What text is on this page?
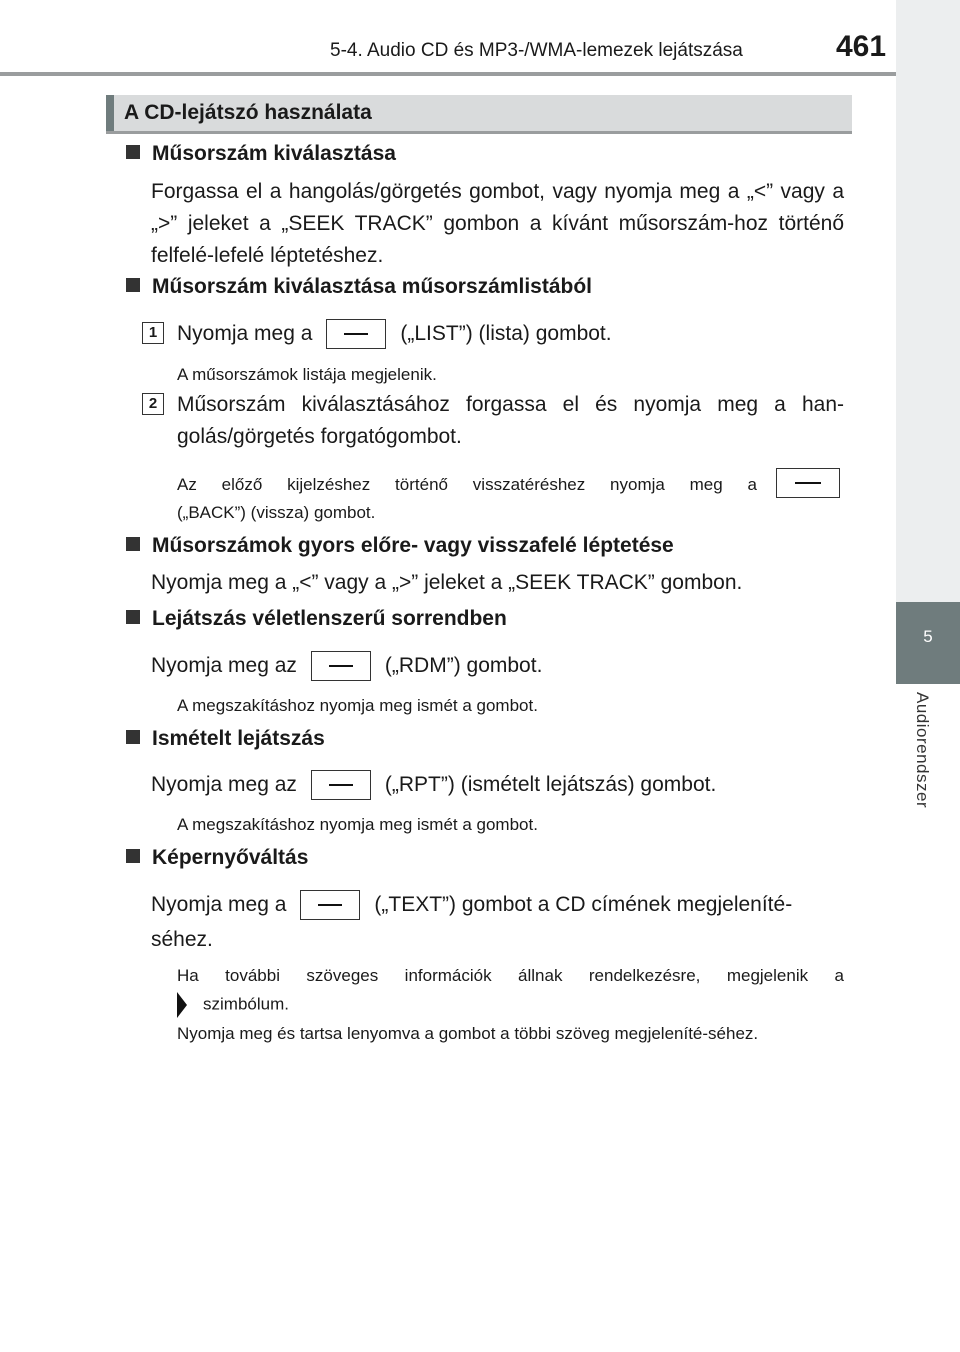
5-4. Audio CD és MP3-/WMA-lemezek lejátszása	461
5
Audiorendszer
A CD-lejátszó használata
Műsorszám kiválasztása
Forgassa el a hangolás/görgetés gombot, vagy nyomja meg a „<” vagy a „>” jeleket a „SEEK TRACK” gombon a kívánt műsorszám-hoz történő felfelé-lefelé léptetéshez.
Műsorszám kiválasztása műsorszámlistából
1 Nyomja meg a	(„LIST”) (lista) gombot.
A műsorszámok listája megjelenik.
2 Műsorszám kiválasztásához forgassa el és nyomja meg a han-golás/görgetés forgatógombot.
Az előző kijelzéshez történő visszatéréshez nyomja meg a
(„BACK”) (vissza) gombot.
Műsorszámok gyors előre- vagy visszafelé léptetése
Nyomja meg a „<” vagy a „>” jeleket a „SEEK TRACK” gombon.
Lejátszás véletlenszerű sorrendben
Nyomja meg az	(„RDM”) gombot.
A megszakításhoz nyomja meg ismét a gombot.
Ismételt lejátszás
Nyomja meg az	(„RPT”) (ismételt lejátszás) gombot.
A megszakításhoz nyomja meg ismét a gombot.
Képernyőváltás
Nyomja meg a	(„TEXT”) gombot a CD címének megjeleníté-
séhez.
Ha további szöveges információk állnak rendelkezésre, megjelenik a
szimbólum.
Nyomja meg és tartsa lenyomva a gombot a többi szöveg megjeleníté-séhez.
